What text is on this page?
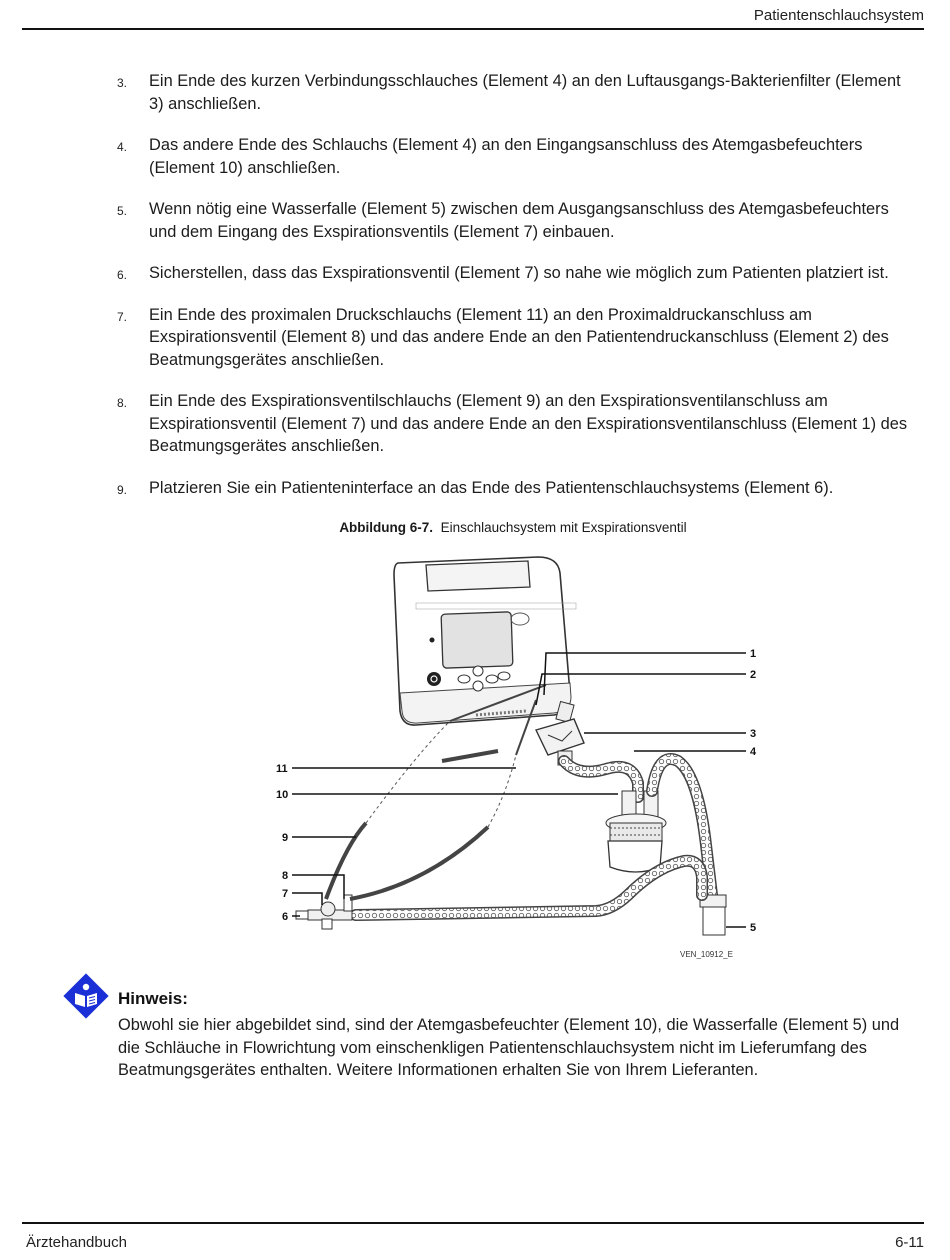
Patientenschlauchsystem
3. Ein Ende des kurzen Verbindungsschlauches (Element 4) an den Luftausgangs-Bakterienfilter (Element 3) anschließen.
4. Das andere Ende des Schlauchs (Element 4) an den Eingangsanschluss des Atemgasbefeuchters (Element 10) anschließen.
5. Wenn nötig eine Wasserfalle (Element 5) zwischen dem Ausgangsanschluss des Atemgasbefeuchters und dem Eingang des Exspirationsventils (Element 7) einbauen.
6. Sicherstellen, dass das Exspirationsventil (Element 7) so nahe wie möglich zum Patienten platziert ist.
7. Ein Ende des proximalen Druckschlauchs (Element 11) an den Proximaldruckanschluss am Exspirationsventil (Element 8) und das andere Ende an den Patientendruckanschluss (Element 2) des Beatmungsgerätes anschließen.
8. Ein Ende des Exspirationsventilschlauchs (Element 9) an den Exspirationsventilanschluss am Exspirationsventil (Element 7) und das andere Ende an den Exspirationsventilanschluss (Element 1) des Beatmungsgerätes anschließen.
9. Platzieren Sie ein Patienteninterface an das Ende des Patientenschlauchsystems (Element 6).
Abbildung 6-7. Einschlauchsystem mit Exspirationsventil
1
2
3
4
5
11
10
9
8
7
6
VEN_10912_E
Hinweis:
Obwohl sie hier abgebildet sind, sind der Atemgasbefeuchter (Element 10), die Wasserfalle (Element 5) und die Schläuche in Flowrichtung vom einschenkligen Patientenschlauchsystem nicht im Lieferumfang des Beatmungsgerätes enthalten. Weitere Informationen erhalten Sie von Ihrem Lieferanten.
Ärztehandbuch	6-11
